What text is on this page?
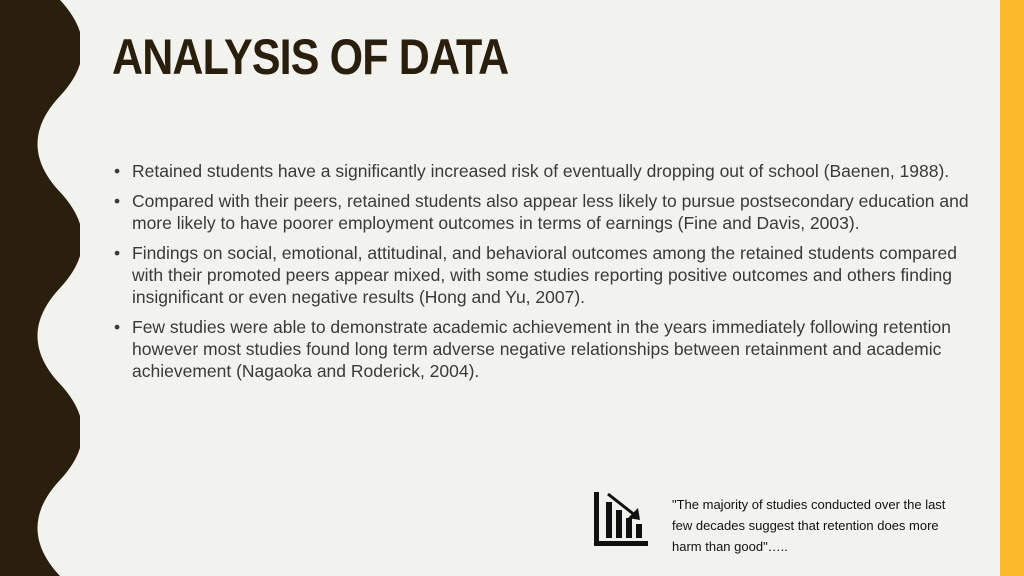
ANALYSIS OF DATA
• Retained students have a significantly increased risk of eventually dropping out of school (Baenen, 1988).
• Compared with their peers, retained students also appear less likely to pursue postsecondary education and more likely to have poorer employment outcomes in terms of earnings (Fine and Davis, 2003).
• Findings on social, emotional, attitudinal, and behavioral outcomes among the retained students compared with their promoted peers appear mixed, with some studies reporting positive outcomes and others finding insignificant or even negative results (Hong and Yu, 2007).
• Few studies were able to demonstrate academic achievement in the years immediately following retention however most studies found long term adverse negative relationships between retainment and academic achievement (Nagaoka and Roderick, 2004).
"The majority of studies conducted over the last few decades suggest that retention does more harm than good"…..
